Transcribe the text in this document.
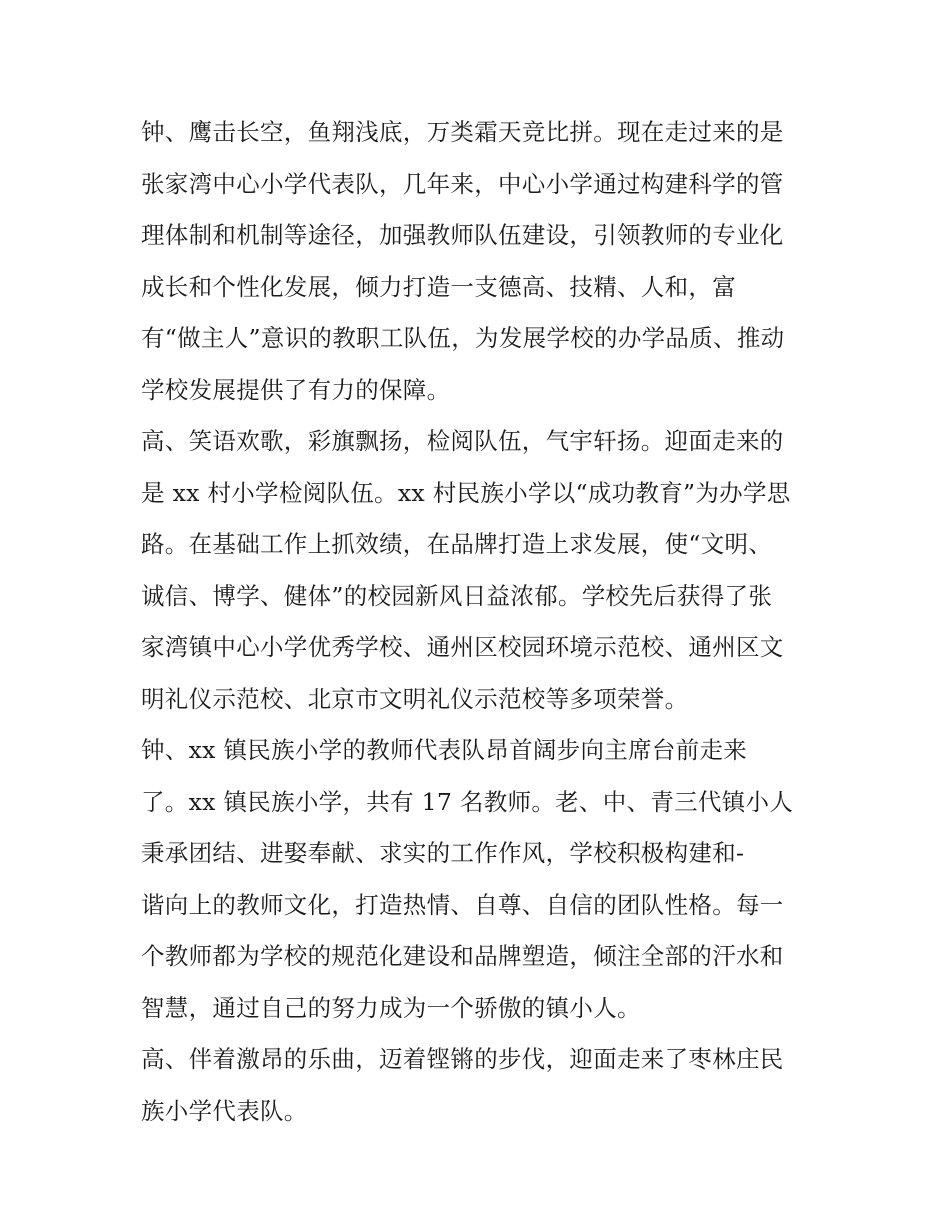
钟、鹰击长空，鱼翔浅底，万类霜天竞比拼。现在走过来的是
张家湾中心小学代表队，几年来，中心小学通过构建科学的管
理体制和机制等途径，加强教师队伍建设，引领教师的专业化
成长和个性化发展，倾力打造一支德高、技精、人和，富
有“做主人”意识的教职工队伍，为发展学校的办学品质、推动
学校发展提供了有力的保障。
高、笑语欢歌，彩旗飘扬，检阅队伍，气宇轩扬。迎面走来的
是 xx 村小学检阅队伍。xx 村民族小学以“成功教育”为办学思
路。在基础工作上抓效绩，在品牌打造上求发展，使“文明、
诚信、博学、健体”的校园新风日益浓郁。学校先后获得了张
家湾镇中心小学优秀学校、通州区校园环境示范校、通州区文
明礼仪示范校、北京市文明礼仪示范校等多项荣誉。
钟、xx 镇民族小学的教师代表队昂首阔步向主席台前走来
了。xx 镇民族小学，共有 17 名教师。老、中、青三代镇小人
秉承团结、进娶奉献、求实的工作作风，学校积极构建和-
谐向上的教师文化，打造热情、自尊、自信的团队性格。每一
个教师都为学校的规范化建设和品牌塑造，倾注全部的汗水和
智慧，通过自己的努力成为一个骄傲的镇小人。
高、伴着激昂的乐曲，迈着铿锵的步伐，迎面走来了枣林庄民
族小学代表队。
